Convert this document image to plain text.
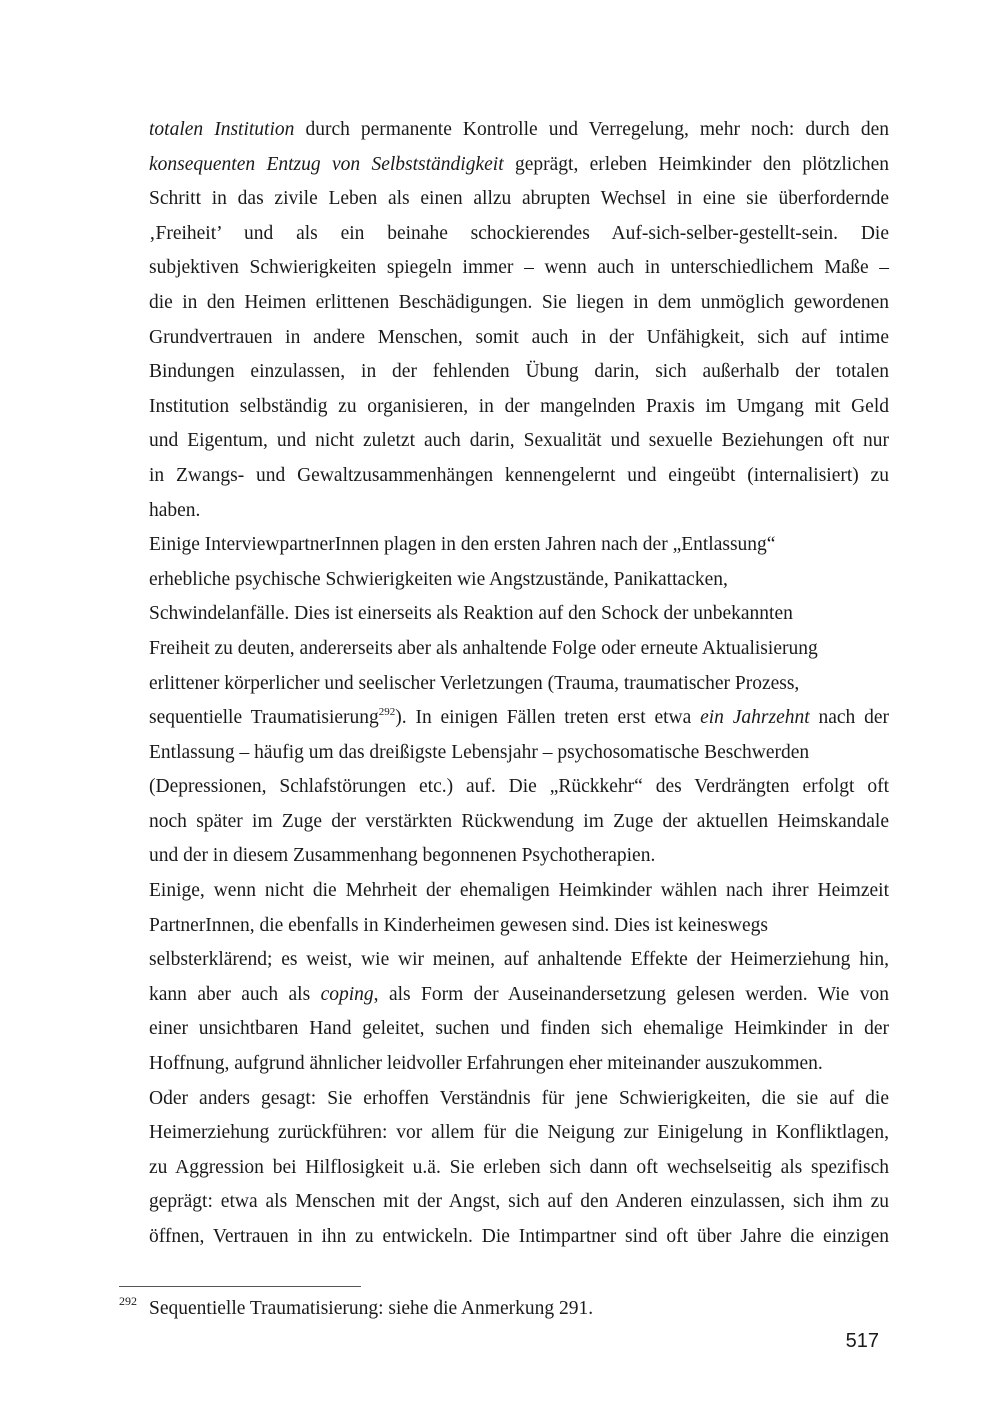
totalen Institution durch permanente Kontrolle und Verregelung, mehr noch: durch den
konsequenten Entzug von Selbstständigkeit geprägt, erleben Heimkinder den plötzlichen
Schritt in das zivile Leben als einen allzu abrupten Wechsel in eine sie überfordernde
‚Freiheit’ und als ein beinahe schockierendes Auf-sich-selber-gestellt-sein. Die
subjektiven Schwierigkeiten spiegeln immer – wenn auch in unterschiedlichem Maße –
die in den Heimen erlittenen Beschädigungen. Sie liegen in dem unmöglich gewordenen
Grundvertrauen in andere Menschen, somit auch in der Unfähigkeit, sich auf intime
Bindungen einzulassen, in der fehlenden Übung darin, sich außerhalb der totalen
Institution selbständig zu organisieren, in der mangelnden Praxis im Umgang mit Geld
und Eigentum, und nicht zuletzt auch darin, Sexualität und sexuelle Beziehungen oft nur
in Zwangs- und Gewaltzusammenhängen kennengelernt und eingeübt (internalisiert) zu
haben.
Einige InterviewpartnerInnen plagen in den ersten Jahren nach der „Entlassung“
erhebliche psychische Schwierigkeiten wie Angstzustände, Panikattacken,
Schwindelanfälle. Dies ist einerseits als Reaktion auf den Schock der unbekannten
Freiheit zu deuten, andererseits aber als anhaltende Folge oder erneute Aktualisierung
erlittener körperlicher und seelischer Verletzungen (Trauma, traumatischer Prozess,
sequentielle Traumatisierung$^{292}$). In einigen Fällen treten erst etwa ein Jahrzehnt nach der
Entlassung – häufig um das dreißigste Lebensjahr – psychosomatische Beschwerden
(Depressionen, Schlafstörungen etc.) auf. Die „Rückkehr“ des Verdrängten erfolgt oft
noch später im Zuge der verstärkten Rückwendung im Zuge der aktuellen Heimskandale
und der in diesem Zusammenhang begonnenen Psychotherapien.
Einige, wenn nicht die Mehrheit der ehemaligen Heimkinder wählen nach ihrer Heimzeit
PartnerInnen, die ebenfalls in Kinderheimen gewesen sind. Dies ist keineswegs
selbsterklärend; es weist, wie wir meinen, auf anhaltende Effekte der Heimerziehung hin,
kann aber auch als coping, als Form der Auseinandersetzung gelesen werden. Wie von
einer unsichtbaren Hand geleitet, suchen und finden sich ehemalige Heimkinder in der
Hoffnung, aufgrund ähnlicher leidvoller Erfahrungen eher miteinander auszukommen.
Oder anders gesagt: Sie erhoffen Verständnis für jene Schwierigkeiten, die sie auf die
Heimerziehung zurückführen: vor allem für die Neigung zur Einigelung in Konfliktlagen,
zu Aggression bei Hilflosigkeit u.ä. Sie erleben sich dann oft wechselseitig als spezifisch
geprägt: etwa als Menschen mit der Angst, sich auf den Anderen einzulassen, sich ihm zu
öffnen, Vertrauen in ihn zu entwickeln. Die Intimpartner sind oft über Jahre die einzigen
292 Sequentielle Traumatisierung: siehe die Anmerkung 291.
517
